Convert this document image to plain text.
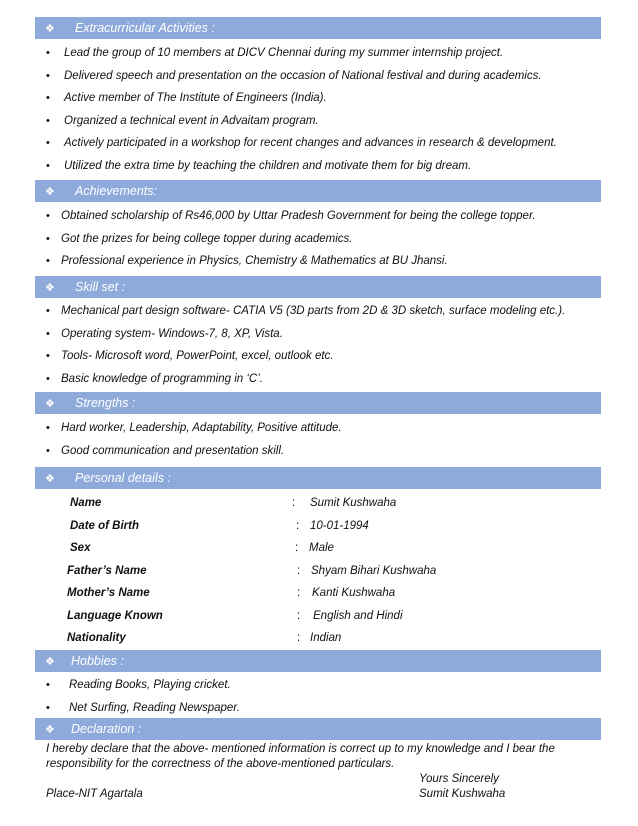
❖ Extracurricular Activities :
• Lead the group of 10 members at DICV Chennai during my summer internship project.
• Delivered speech and presentation on the occasion of National festival and during academics.
• Active member of The Institute of Engineers (India).
• Organized a technical event in Advaitam program.
• Actively participated in a workshop for recent changes and advances in research & development.
• Utilized the extra time by teaching the children and motivate them for big dream.
❖ Achievements:
• Obtained scholarship of Rs46,000 by Uttar Pradesh Government for being the college topper.
• Got the prizes for being college topper during academics.
• Professional experience in Physics, Chemistry & Mathematics at BU Jhansi.
❖ Skill set :
• Mechanical part design software- CATIA V5 (3D parts from 2D & 3D sketch, surface modeling etc.).
• Operating system- Windows-7, 8, XP, Vista.
• Tools- Microsoft word, PowerPoint, excel, outlook etc.
• Basic knowledge of programming in ‘C’.
❖ Strengths :
• Hard worker, Leadership, Adaptability, Positive attitude.
• Good communication and presentation skill.
❖ Personal details :
Name	: Sumit Kushwaha
Date of Birth	: 10-01-1994
Sex	: Male
Father’s Name	: Shyam Bihari Kushwaha
Mother’s Name	: Kanti Kushwaha
Language Known	: English and Hindi
Nationality	: Indian
❖ Hobbies :
• Reading Books, Playing cricket.
• Net Surfing, Reading Newspaper.
❖ Declaration :
I hereby declare that the above- mentioned information is correct up to my knowledge and I bear the responsibility for the correctness of the above-mentioned particulars.
Yours Sincerely
Sumit Kushwaha
Place-NIT Agartala
